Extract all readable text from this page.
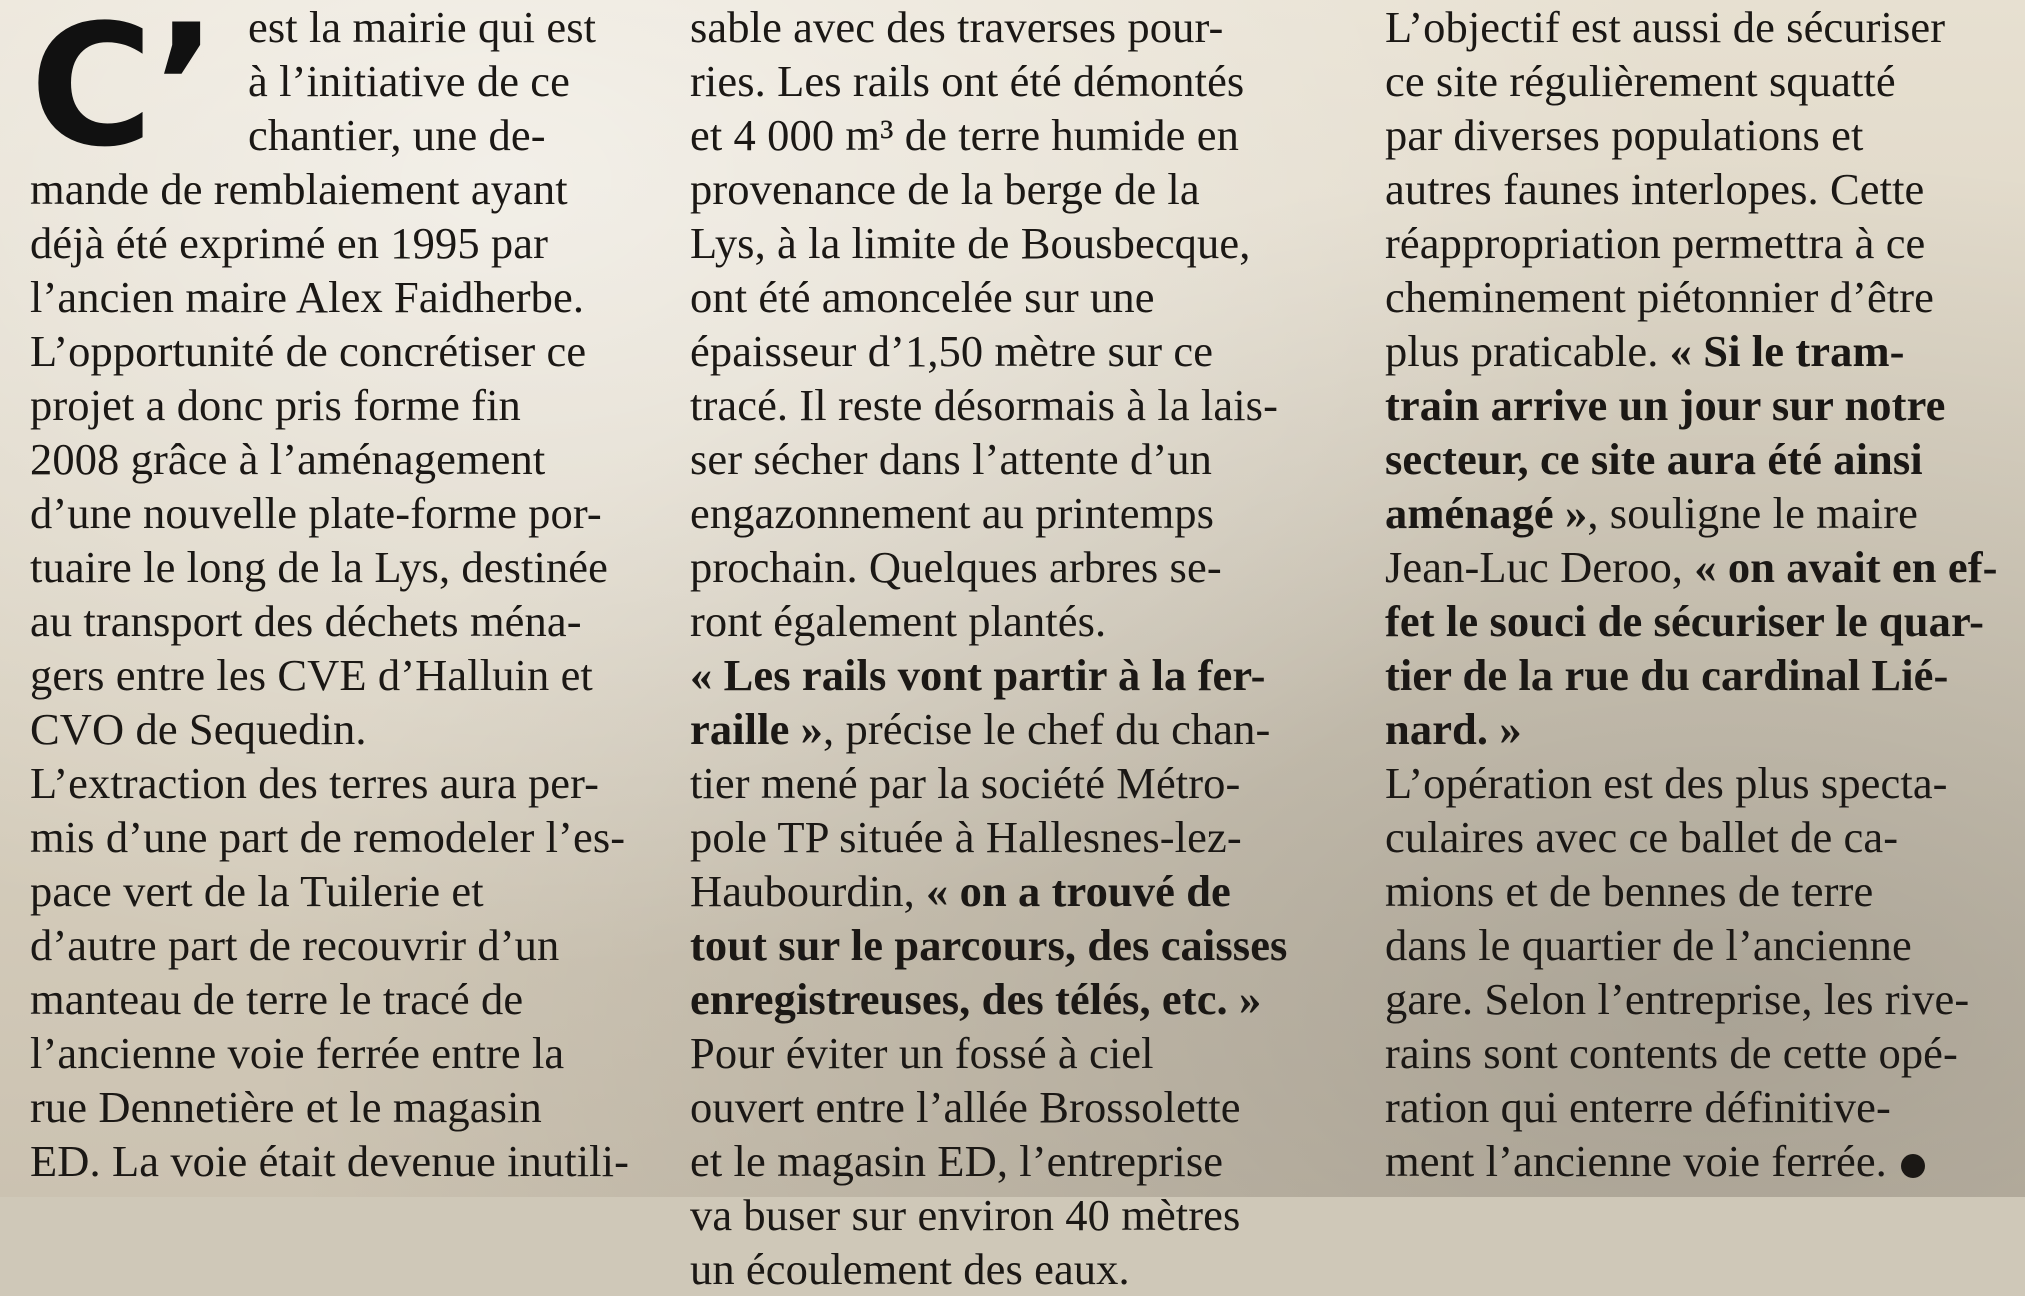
C’ est la mairie qui est
à l’initiative de ce
chantier, une de-
mande de remblaiement ayant
déjà été exprimé en 1995 par
l’ancien maire Alex Faidherbe.
L’opportunité de concrétiser ce
projet a donc pris forme fin
2008 grâce à l’aménagement
d’une nouvelle plate-forme por-
tuaire le long de la Lys, destinée
au transport des déchets ména-
gers entre les CVE d’Halluin et
CVO de Sequedin.
L’extraction des terres aura per-
mis d’une part de remodeler l’es-
pace vert de la Tuilerie et
d’autre part de recouvrir d’un
manteau de terre le tracé de
l’ancienne voie ferrée entre la
rue Dennetière et le magasin
ED. La voie était devenue inutili-
sable avec des traverses pour-
ries. Les rails ont été démontés
et 4 000 m³ de terre humide en
provenance de la berge de la
Lys, à la limite de Bousbecque,
ont été amoncelée sur une
épaisseur d’1,50 mètre sur ce
tracé. Il reste désormais à la lais-
ser sécher dans l’attente d’un
engazonnement au printemps
prochain. Quelques arbres se-
ront également plantés.
« Les rails vont partir à la fer-
raille », précise le chef du chan-
tier mené par la société Métro-
pole TP située à Hallesnes-lez-
Haubourdin, « on a trouvé de
tout sur le parcours, des caisses
enregistreuses, des télés, etc. »
Pour éviter un fossé à ciel
ouvert entre l’allée Brossolette
et le magasin ED, l’entreprise
va buser sur environ 40 mètres
un écoulement des eaux.
L’objectif est aussi de sécuriser
ce site régulièrement squatté
par diverses populations et
autres faunes interlopes. Cette
réappropriation permettra à ce
cheminement piétonnier d’être
plus praticable. « Si le tram-
train arrive un jour sur notre
secteur, ce site aura été ainsi
aménagé », souligne le maire
Jean-Luc Deroo, « on avait en ef-
fet le souci de sécuriser le quar-
tier de la rue du cardinal Lié-
nard. »
L’opération est des plus specta-
culaires avec ce ballet de ca-
mions et de bennes de terre
dans le quartier de l’ancienne
gare. Selon l’entreprise, les rive-
rains sont contents de cette opé-
ration qui enterre définitive-
ment l’ancienne voie ferrée.
